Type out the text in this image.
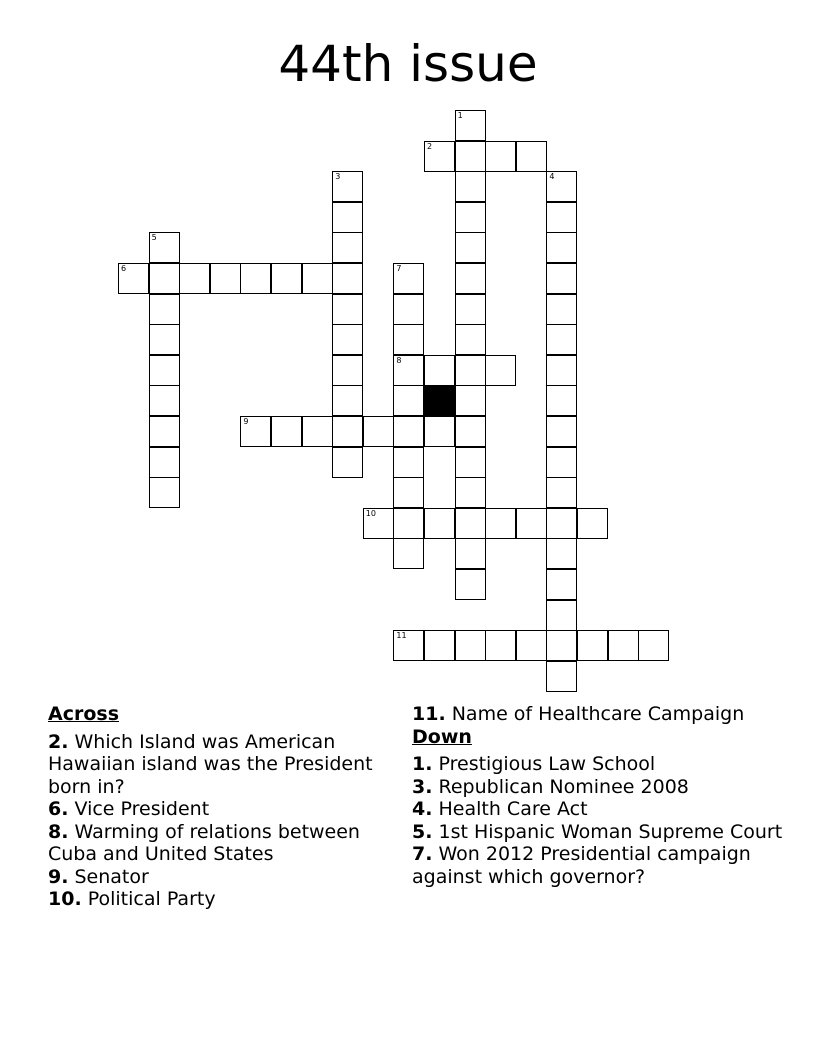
44th issue
1
3	4
5
7
8
2
6
9
10
11
Across
2. Which Island was American Hawaiian island was the President born in?
6. Vice President
8. Warming of relations between Cuba and United States
9. Senator
10. Political Party
11. Name of Healthcare Campaign
Down
1. Prestigious Law School
3. Republican Nominee 2008
4. Health Care Act
5. 1st Hispanic Woman Supreme Court
7. Won 2012 Presidential campaign against which governor?
